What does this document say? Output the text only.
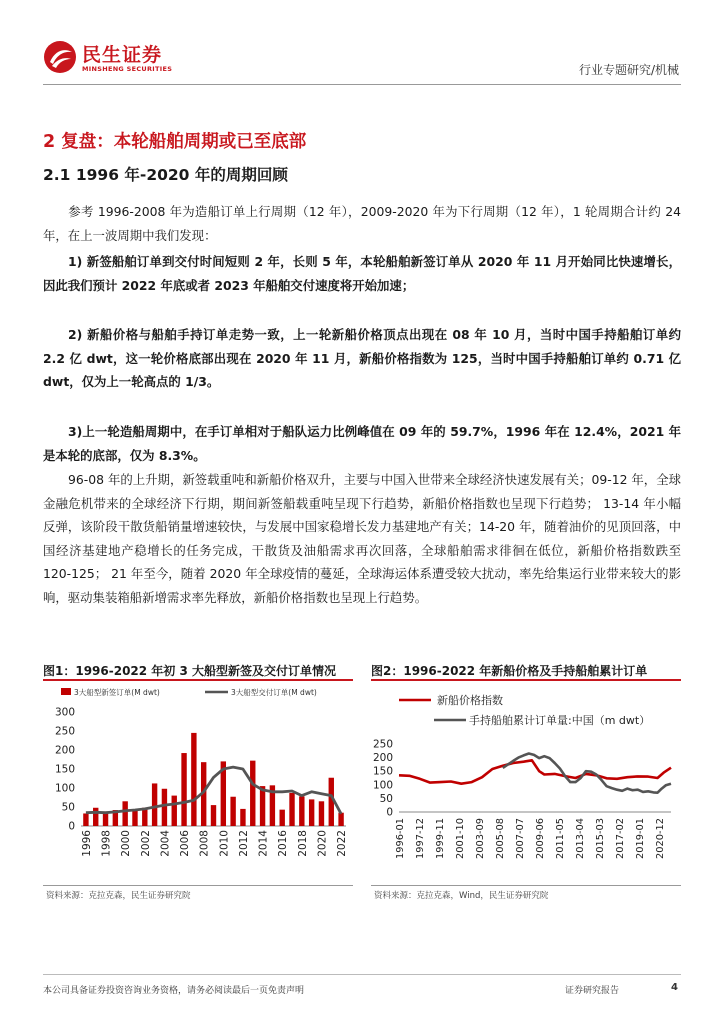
民生证券
MINSHENG SECURITIES	行业专题研究/机械
2 复盘：本轮船舶周期或已至底部
2.1 1996 年-2020 年的周期回顾
参考 1996-2008 年为造船订单上行周期（12 年），2009-2020 年为下行周期（12 年），1 轮周期合计约 24 年，在上一波周期中我们发现：
1) 新签船舶订单到交付时间短则 2 年，长则 5 年，本轮船舶新签订单从 2020 年 11 月开始同比快速增长，因此我们预计 2022 年底或者 2023 年船舶交付速度将开始加速；
2) 新船价格与船舶手持订单走势一致，上一轮新船价格顶点出现在 08 年 10 月，当时中国手持船舶订单约 2.2 亿 dwt，这一轮价格底部出现在 2020 年 11 月，新船价格指数为 125，当时中国手持船舶订单约 0.71 亿 dwt，仅为上一轮高点的 1/3。
3)上一轮造船周期中，在手订单相对于船队运力比例峰值在 09 年的 59.7%，1996 年在 12.4%，2021 年是本轮的底部，仅为 8.3%。
96-08 年的上升期，新签载重吨和新船价格双升，主要与中国入世带来全球经济快速发展有关；09-12 年，全球金融危机带来的全球经济下行期，期间新签船载重吨呈现下行趋势，新船价格指数也呈现下行趋势； 13-14 年小幅反弹，该阶段干散货船销量增速较快，与发展中国家稳增长发力基建地产有关；14-20 年，随着油价的见顶回落，中国经济基建地产稳增长的任务完成，干散货及油船需求再次回落，全球船舶需求徘徊在低位，新船价格指数跌至 120-125； 21 年至今，随着 2020 年全球疫情的蔓延，全球海运体系遭受较大扰动，率先给集运行业带来较大的影响，驱动集装箱船新增需求率先释放，新船价格指数也呈现上行趋势。
图1：1996-2022 年初 3 大船型新签及交付订单情况	图2：1996-2022 年新船价格及手持船舶累计订单
3大船型新签订单(M dwt)	3大船型交付订单(M dwt)
0
50
100
150
200
250
300
1996 1998 2000 2002 2004 2006 2008 2010 2012 2014 2016 2018 2020 2022
新船价格指数
手持船舶累计订单量:中国（m dwt）
0
50
100
150
200
250
1996-01 1997-12 1999-11 2001-10 2003-09 2005-08 2007-07 2009-06 2011-05 2013-04 2015-03 2017-02 2019-01 2020-12
资料来源：克拉克森，民生证券研究院	资料来源：克拉克森，Wind，民生证券研究院
本公司具备证券投资咨询业务资格，请务必阅读最后一页免责声明	证券研究报告	4
